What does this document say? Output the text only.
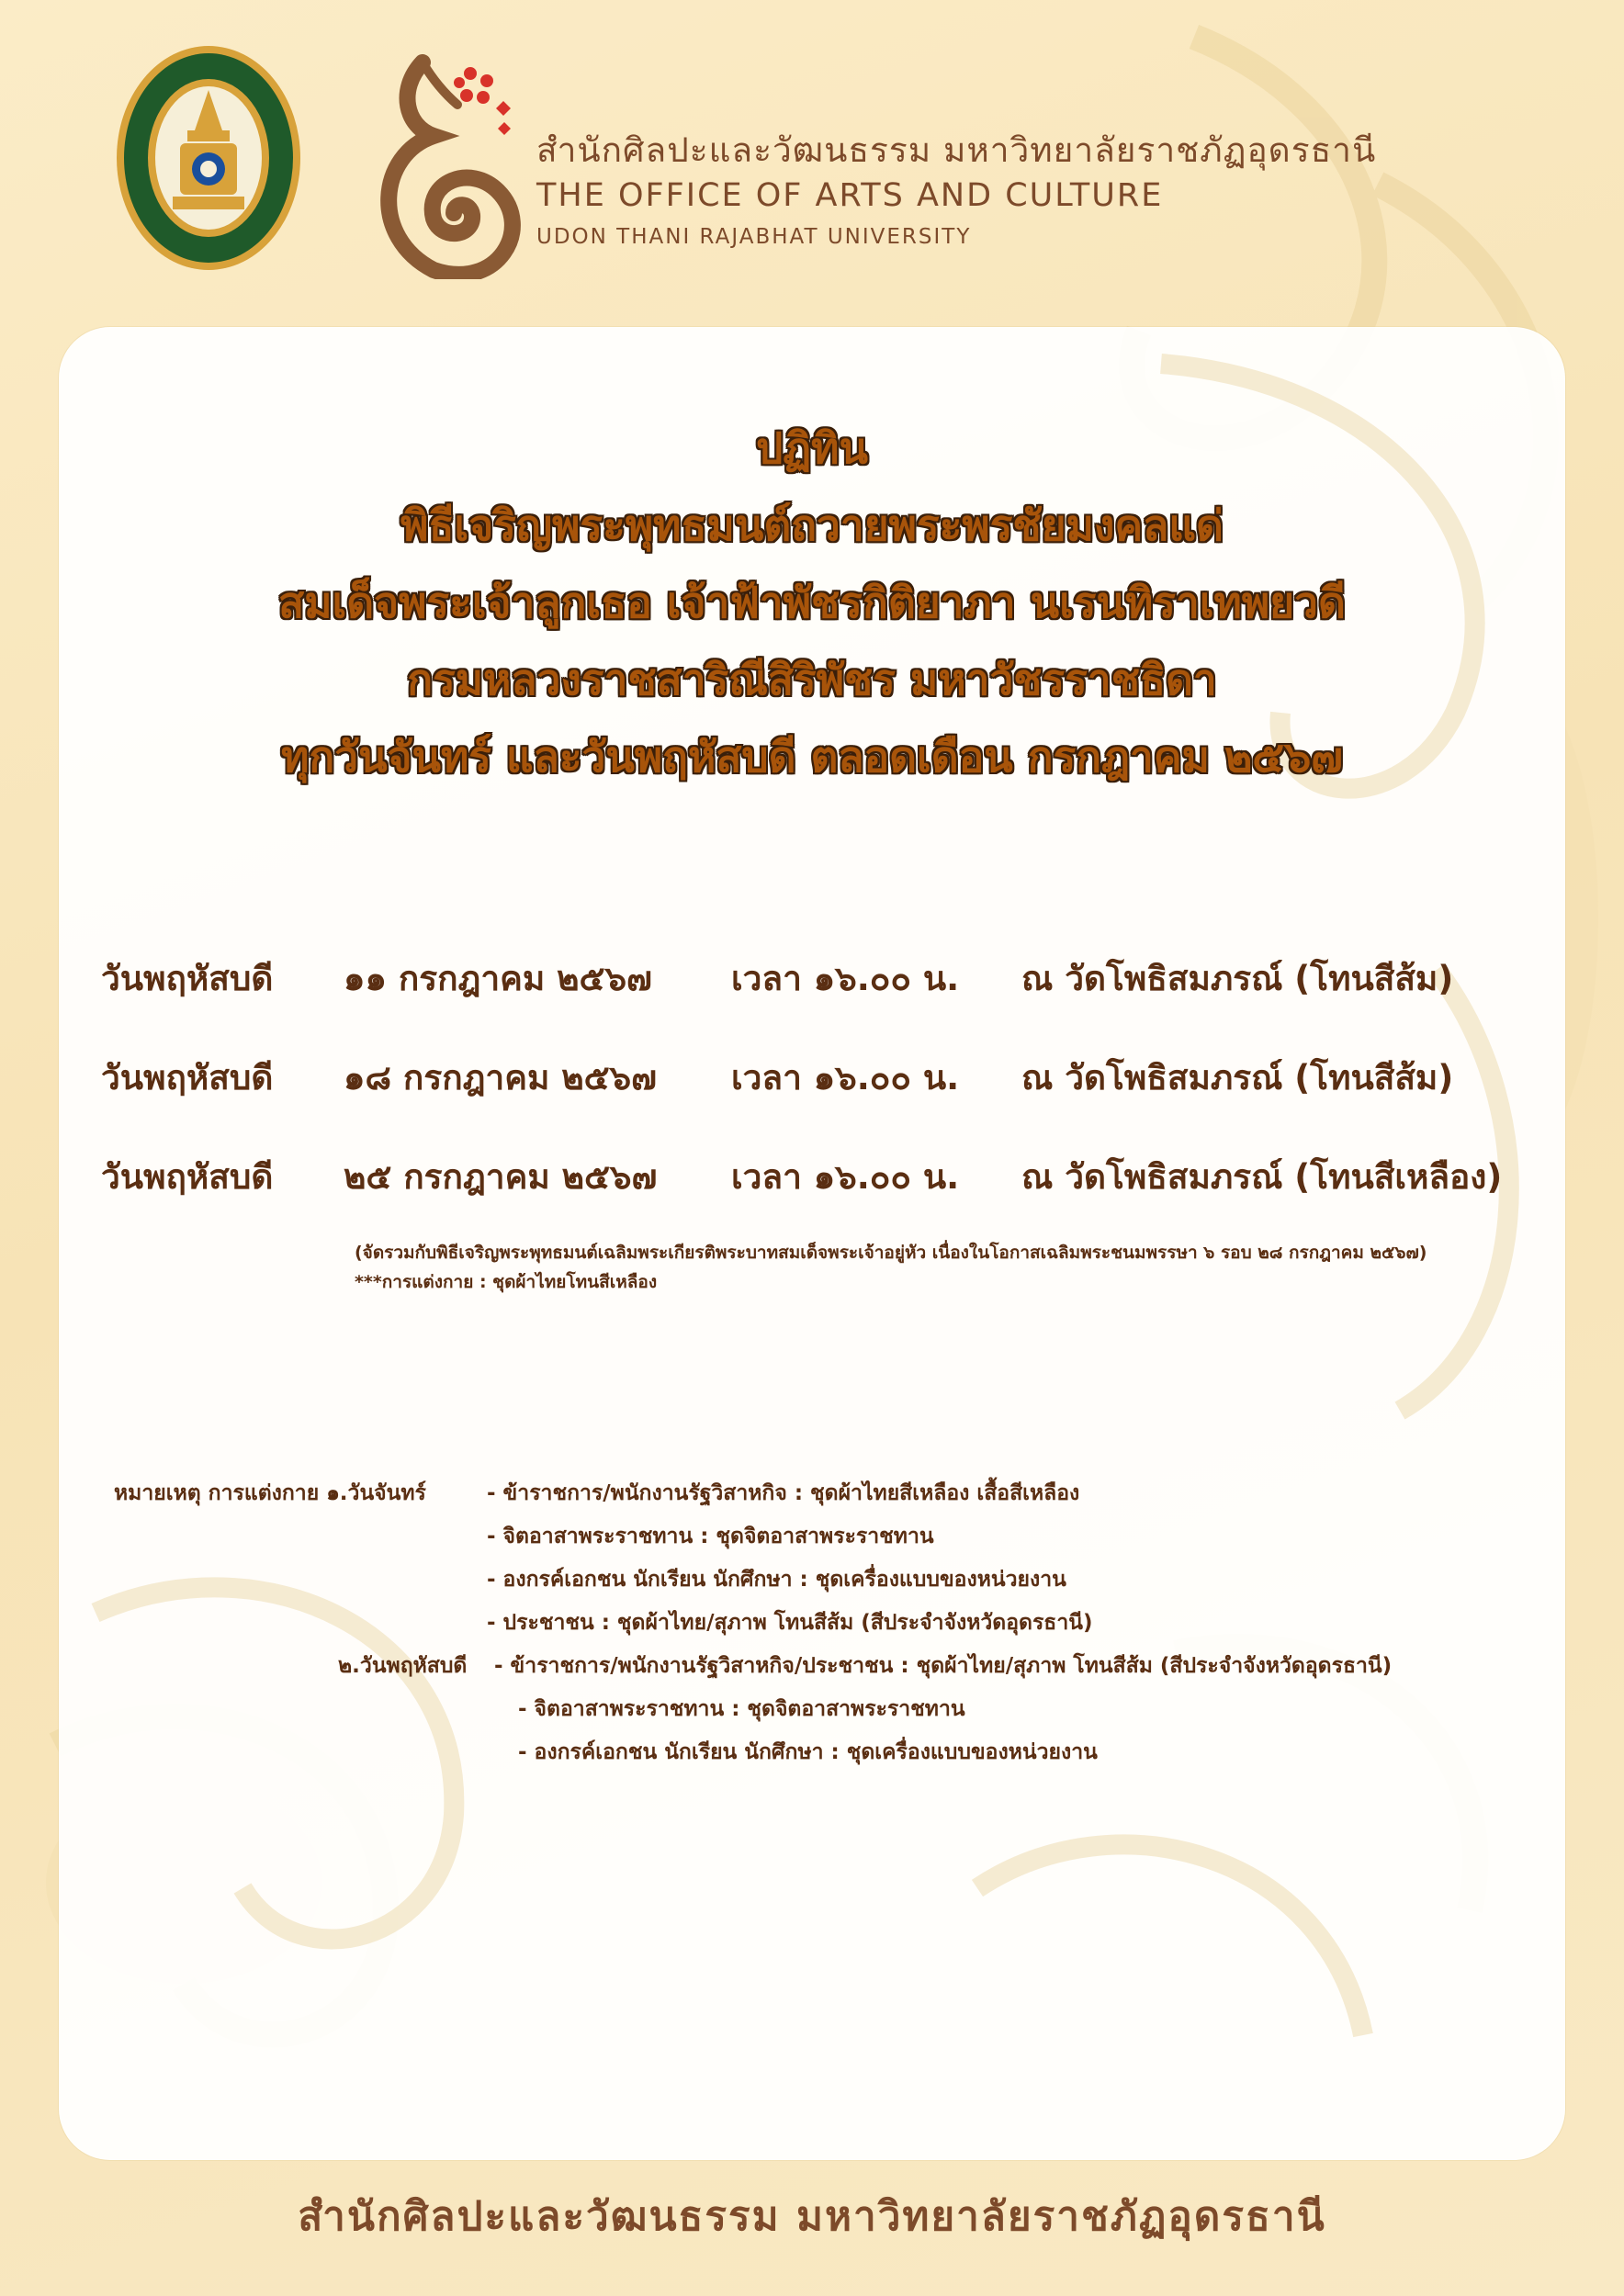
สำนักศิลปะและวัฒนธรรม มหาวิทยาลัยราชภัฏอุดรธานี
THE OFFICE OF ARTS AND CULTURE
UDON THANI RAJABHAT UNIVERSITY
ปฏิทิน
พิธีเจริญพระพุทธมนต์ถวายพระพรชัยมงคลแด่
สมเด็จพระเจ้าลูกเธอ เจ้าฟ้าพัชรกิติยาภา นเรนทิราเทพยวดี
กรมหลวงราชสาริณีสิริพัชร มหาวัชรราชธิดา
ทุกวันจันทร์ และวันพฤหัสบดี ตลอดเดือน กรกฎาคม ๒๕๖๗
วันพฤหัสบดี ๑๑ กรกฎาคม ๒๕๖๗ เวลา ๑๖.๐๐ น. ณ วัดโพธิสมภรณ์ (โทนสีส้ม)
วันพฤหัสบดี ๑๘ กรกฎาคม ๒๕๖๗ เวลา ๑๖.๐๐ น. ณ วัดโพธิสมภรณ์ (โทนสีส้ม)
วันพฤหัสบดี ๒๕ กรกฎาคม ๒๕๖๗ เวลา ๑๖.๐๐ น. ณ วัดโพธิสมภรณ์ (โทนสีเหลือง)
(จัดรวมกับพิธีเจริญพระพุทธมนต์เฉลิมพระเกียรติพระบาทสมเด็จพระเจ้าอยู่หัว เนื่องในโอกาสเฉลิมพระชนมพรรษา ๖ รอบ ๒๘ กรกฎาคม ๒๕๖๗)
***การแต่งกาย : ชุดผ้าไทยโทนสีเหลือง
หมายเหตุ การแต่งกาย ๑.วันจันทร์	- ข้าราชการ/พนักงานรัฐวิสาหกิจ : ชุดผ้าไทยสีเหลือง เสื้อสีเหลือง
- จิตอาสาพระราชทาน : ชุดจิตอาสาพระราชทาน
- องกรค์เอกชน นักเรียน นักศึกษา : ชุดเครื่องแบบของหน่วยงาน
- ประชาชน : ชุดผ้าไทย/สุภาพ โทนสีส้ม (สีประจำจังหวัดอุดรธานี)
๒.วันพฤหัสบดี - ข้าราชการ/พนักงานรัฐวิสาหกิจ/ประชาชน : ชุดผ้าไทย/สุภาพ โทนสีส้ม (สีประจำจังหวัดอุดรธานี)
- จิตอาสาพระราชทาน : ชุดจิตอาสาพระราชทาน
- องกรค์เอกชน นักเรียน นักศึกษา : ชุดเครื่องแบบของหน่วยงาน
สำนักศิลปะและวัฒนธรรม มหาวิทยาลัยราชภัฏอุดรธานี
